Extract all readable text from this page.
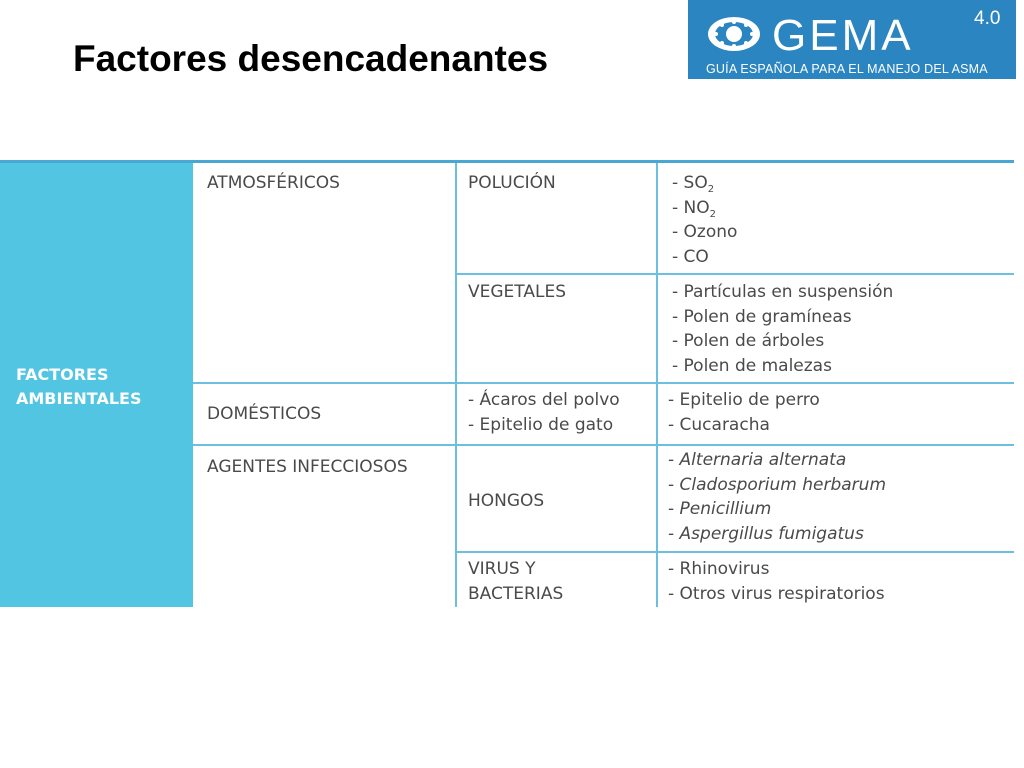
Factores desencadenantes	GEMA	4.0
GUÍA ESPAÑOLA PARA EL MANEJO DEL ASMA
FACTORES
AMBIENTALES
ATMOSFÉRICOS
DOMÉSTICOS
AGENTES INFECCIOSOS
POLUCIÓN
VEGETALES
- Ácaros del polvo
- Epitelio de gato
HONGOS
VIRUS Y
BACTERIAS
- $SO_2$
- $NO_2$
- Ozono
- CO
- Partículas en suspensión
- Polen de gramíneas
- Polen de árboles
- Polen de malezas
- Epitelio de perro
- Cucaracha
- Alternaria alternata
- Cladosporium herbarum
- Penicillium
- Aspergillus fumigatus
- Rhinovirus
- Otros virus respiratorios
